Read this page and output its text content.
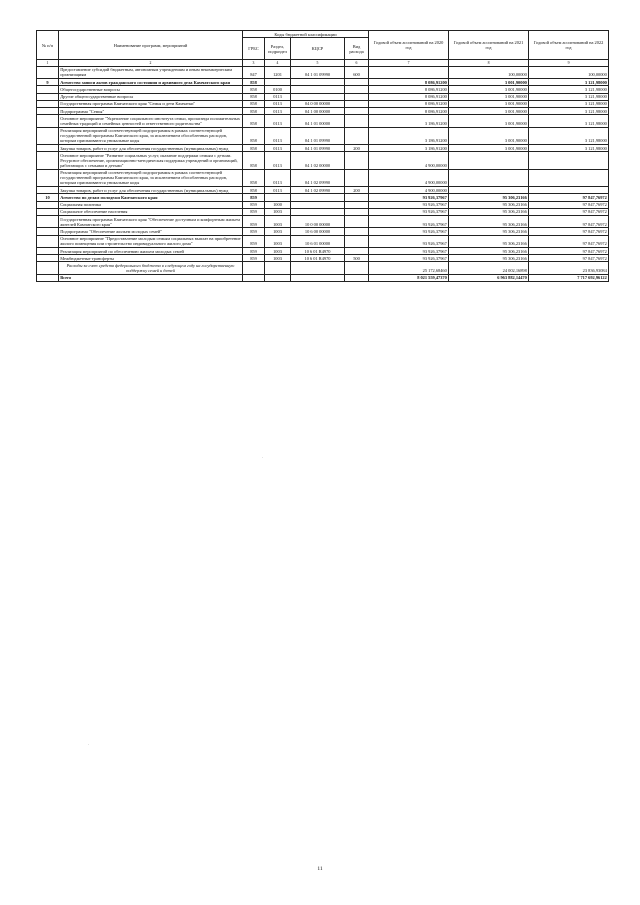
№ п/п	Наименование программ, мероприятий	Коды бюджетной классификации				Годовой объем ассигнований на 2020 год	Годовой объем ассигнований на 2021 год	Годовой объем ассигнований на 2022 год
		ГРБС	Раздел, подраздел	КЦСР	Вид расхода			
1	2	3	4	5	6	7	8	9
	Предоставление субсидий бюджетным, автономным учреждениям и иным некоммерческим организациям	847	1201	04 1 01 09990	600		100,00000	100,00000
9	Агентство записи актов гражданского состояния и архивного дела Камчатского края	858				8 086,91200	3 001,90000	3 121,98000
	Общегосударственные вопросы	858	0100			8 086,91200	3 001,90000	3 121,98000
	Другие общегосударственные вопросы	858	0113			8 086,91200	3 001,90000	3 121,98000
	Государственная программа Камчатского края "Семья и дети Камчатки"	858	0113	04 0 00 00000		8 086,91200	3 001,90000	3 121,98000
	Подпрограмма "Семья"	858	0113	04 1 00 00000		8 086,91200	3 001,90000	3 121,98000
	Основное мероприятие "Укрепление социального института семьи, пропаганда положительных семейных традиций и семейных ценностей и ответственного родительства"	858	0113	04 1 01 00000		3 186,91200	3 001,90000	3 121,98000
	Реализация мероприятий соответствующей подпрограммы в рамках соответствующей государственной программы Камчатского края, за исключением обособленных расходов, которым присваиваются уникальные коды	858	0113	04 1 01 09990		3 186,91200	3 001,90000	3 121,98000
	Закупка товаров, работ и услуг для обеспечения государственных (муниципальных) нужд	858	0113	04 1 01 09990	200	3 186,91200	3 001,90000	3 121,98000
	Основное мероприятие "Развитие социальных услуг, оказание поддержки семьям с детьми. Ресурсное обеспечение, организационно-методическая поддержка учреждений и организаций, работающих с семьями и детьми"	858	0113	04 1 02 00000		4 900,00000		
	Реализация мероприятий соответствующей подпрограммы в рамках соответствующей государственной программы Камчатского края, за исключением обособленных расходов, которым присваиваются уникальные коды	858	0113	04 1 02 09990		4 900,00000		
	Закупка товаров, работ и услуг для обеспечения государственных (муниципальных) нужд	858	0113	04 1 02 09990	200	4 900,00000		
10	Агентство по делам молодежи Камчатского края	859				93 926,37967	95 306,23166	97 847,76972
	Социальная политика	859	1000			93 926,37967	95 306,23166	97 847,76972
	Социальное обеспечение населения	859	1003			93 926,37967	95 306,23166	97 847,76972
	Государственная программа Камчатского края "Обеспечение доступным и комфортным жильем жителей Камчатского края"	859	1003	10 0 00 00000		93 926,37967	95 306,23166	97 847,76972
	Подпрограмма "Обеспечение жильем молодых семей"	859	1003	10 6 00 00000		93 926,37967	95 306,23166	97 847,76972
	Основное мероприятие "Предоставление молодым семьям социальных выплат на приобретение жилого помещения или строительство индивидуального жилого дома"	859	1003	10 6 01 00000		93 926,37967	95 306,23166	97 847,76972
	Реализация мероприятий по обеспечению жильем молодых семей	859	1003	10 6 01 R4970		93 926,37967	95 306,23166	97 847,76972
	Межбюджетные трансферты	859	1003	10 6 01 R4970	500	93 926,37967	95 306,23166	97 847,76972
	Расходы за счет средств федерального бюджета в следующем году на государственную поддержку семей и детей					25 172,68460	24 002,16898	23 836,93084
	Всего					8 021 559,47370	6 963 882,14470	7 717 692,96122
·
·
11
